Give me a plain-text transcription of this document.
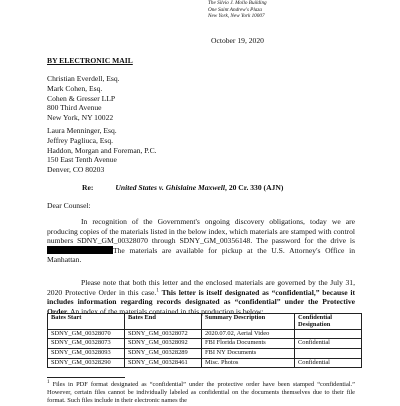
The Silvio J. Mollo Building
One Saint Andrew's Plaza
New York, New York 10007
October 19, 2020
BY ELECTRONIC MAIL
Christian Everdell, Esq.
Mark Cohen, Esq.
Cohen & Gresser LLP
800 Third Avenue
New York, NY 10022
Laura Menninger, Esq.
Jeffrey Pagliuca, Esq.
Haddon, Morgan and Foreman, P.C.
150 East Tenth Avenue
Denver, CO 80203
Re:	United States v. Ghislaine Maxwell, 20 Cr. 330 (AJN)
Dear Counsel:
In recognition of the Government's ongoing discovery obligations, today we are producing copies of the materials listed in the below index, which materials are stamped with control numbers SDNY_GM_00328070 through SDNY_GM_00356148. The password for the drive is The materials are available for pickup at the U.S. Attorney's Office in Manhattan.
Please note that both this letter and the enclosed materials are governed by the July 31, 2020 Protective Order in this case.$^1$ This letter is itself designated as “confidential,” because it includes information regarding records designated as “confidential” under the Protective Order. An index of the materials contained in this production is below:
Bates Start	Bates End	Summary Description	Confidential Designation
SDNY_GM_00328070	SDNY_GM_00328072	2020.07.02, Aerial Video	
SDNY_GM_00328073	SDNY_GM_00328092	FBI Florida Documents	Confidential
SDNY_GM_00328093	SDNY_GM_00328289	FBI NY Documents	
SDNY_GM_00328290	SDNY_GM_00328461	Misc. Photos	Confidential
$^1$ Files in PDF format designated as “confidential” under the protective order have been stamped “confidential.” However, certain files cannot be individually labeled as confidential on the documents themselves due to their file format. Such files include in their electronic names the
